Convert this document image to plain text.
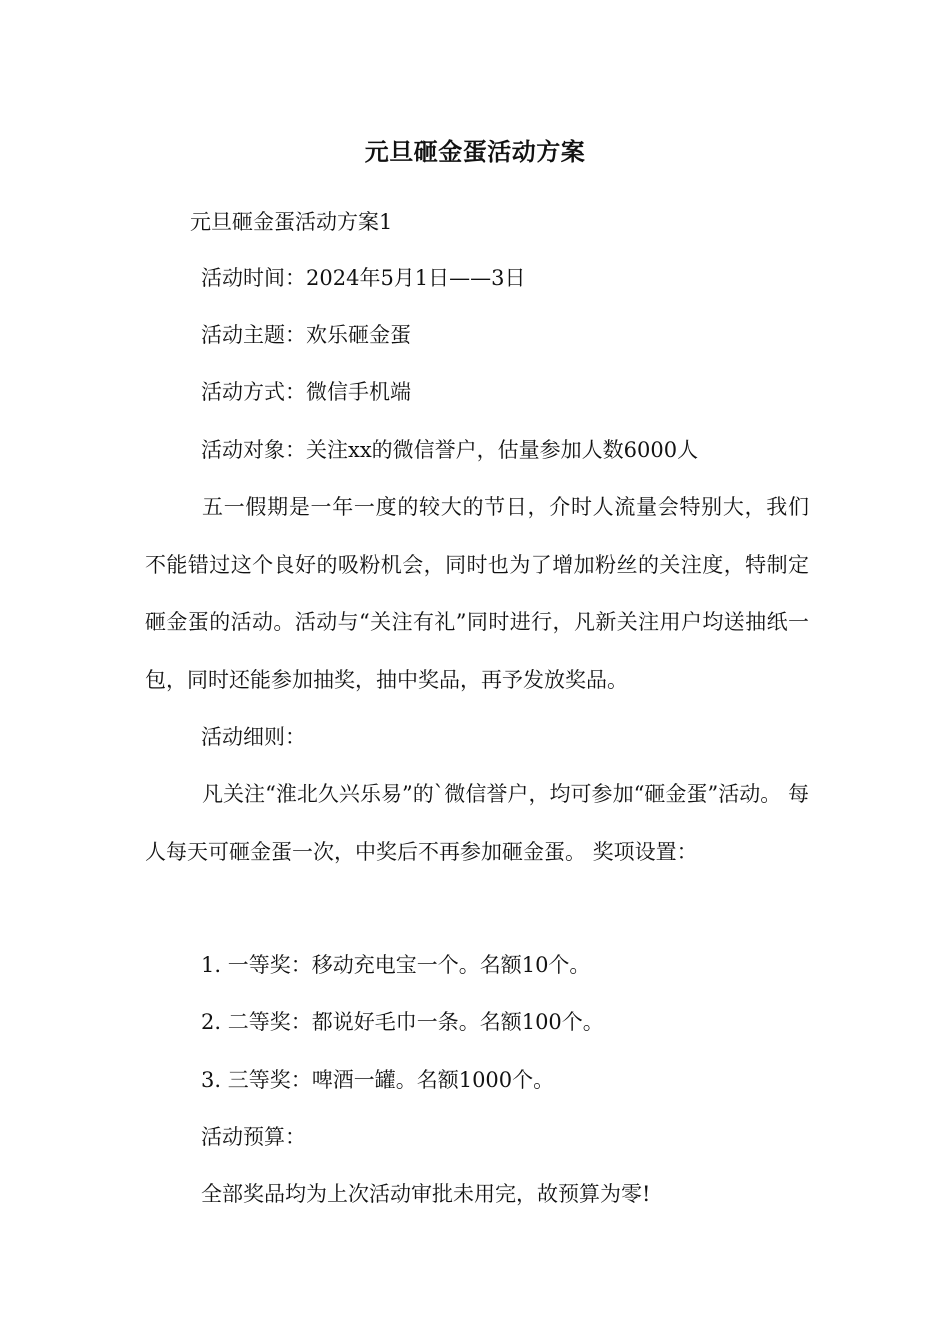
元旦砸金蛋活动方案
元旦砸金蛋活动方案1
活动时间：2024年5月1日——3日
活动主题：欢乐砸金蛋
活动方式：微信手机端
活动对象：关注xx的微信誉户，估量参加人数6000人

五一假期是一年一度的较大的节日，介时人流量会特别大，我们不能错过这个良好的吸粉机会，同时也为了增加粉丝的关注度，特制定砸金蛋的活动。活动与“关注有礼”同时进行，凡新关注用户均送抽纸一包，同时还能参加抽奖，抽中奖品，再予发放奖品。

活动细则：

凡关注“淮北久兴乐易”的`微信誉户，均可参加“砸金蛋”活动。 每人每天可砸金蛋一次，中奖后不再参加砸金蛋。 奖项设置：

1. 一等奖：移动充电宝一个。名额10个。
2. 二等奖：都说好毛巾一条。名额100个。
3. 三等奖：啤酒一罐。名额1000个。
活动预算：
全部奖品均为上次活动审批未用完，故预算为零!
